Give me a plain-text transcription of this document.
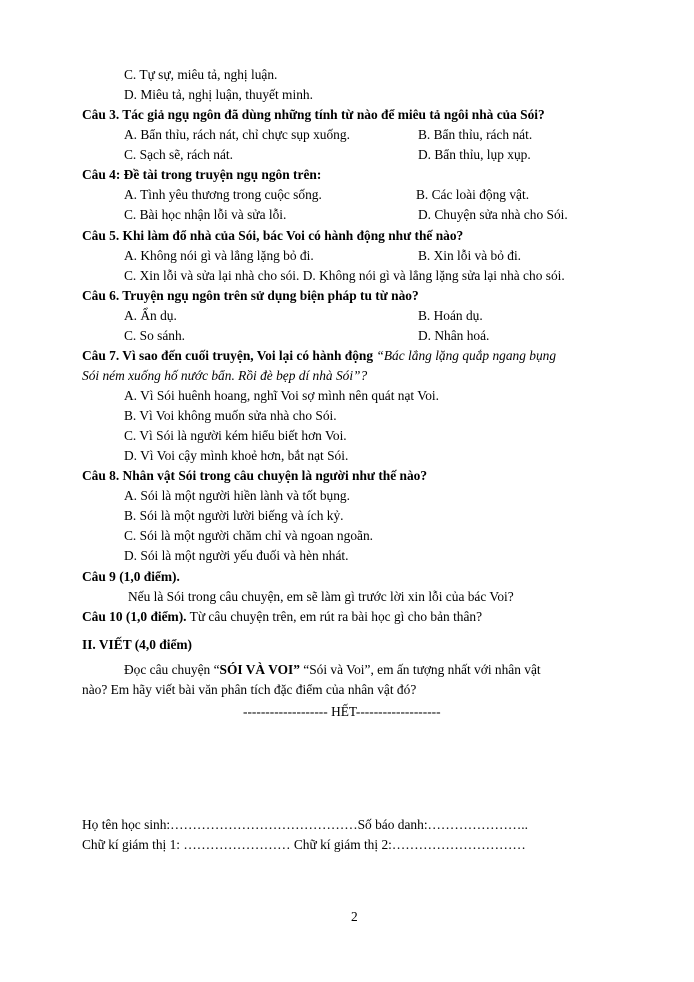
C. Tự sự, miêu tả, nghị luận.
D. Miêu tả, nghị luận, thuyết minh.
Câu 3. Tác giả ngụ ngôn đã dùng những tính từ nào để miêu tả ngôi nhà của Sói?
A. Bẩn thỉu, rách nát, chỉ chực sụp xuống.	B. Bẩn thỉu, rách nát.
C. Sạch sẽ, rách nát.	D. Bẩn thỉu, lụp xụp.
Câu 4: Đề tài trong truyện ngụ ngôn trên:
A. Tình yêu thương trong cuộc sống.	B. Các loài động vật.
C. Bài học nhận lỗi và sửa lỗi.	D. Chuyện sửa nhà cho Sói.
Câu 5. Khi làm đổ nhà của Sói, bác Voi có hành động như thế nào?
A. Không nói gì và lẳng lặng bỏ đi.	B. Xin lỗi và bỏ đi.
C. Xin lỗi và sửa lại nhà cho sói. D. Không nói gì và lẳng lặng sửa lại nhà cho sói.
Câu 6. Truyện ngụ ngôn trên sử dụng biện pháp tu từ nào?
A. Ẩn dụ.	B. Hoán dụ.
C. So sánh.	D. Nhân hoá.
Câu 7. Vì sao đến cuối truyện, Voi lại có hành động “Bác lẳng lặng quắp ngang bụng
Sói ném xuống hố nước bẩn. Rồi đè bẹp dí nhà Sói”?
A. Vì Sói huênh hoang, nghĩ Voi sợ mình nên quát nạt Voi.
B. Vì Voi không muốn sửa nhà cho Sói.
C. Vì Sói là người kém hiểu biết hơn Voi.
D. Vì Voi cậy mình khoẻ hơn, bắt nạt Sói.
Câu 8. Nhân vật Sói trong câu chuyện là người như thế nào?
A. Sói là một người hiền lành và tốt bụng.
B. Sói là một người lười biếng và ích kỷ.
C. Sói là một người chăm chỉ và ngoan ngoãn.
D. Sói là một người yếu đuối và hèn nhát.
Câu 9 (1,0 điểm).
Nếu là Sói trong câu chuyện, em sẽ làm gì trước lời xin lỗi của bác Voi?
Câu 10 (1,0 điểm). Từ câu chuyện trên, em rút ra bài học gì cho bản thân?
II. VIẾT (4,0 điểm)
Đọc câu chuyện “SÓI VÀ VOI” “Sói và Voi”, em ấn tượng nhất với nhân vật
nào? Em hãy viết bài văn phân tích đặc điểm của nhân vật đó?
------------------- HẾT-------------------
Họ tên học sinh:……………………………………Số báo danh:…………………..
Chữ kí giám thị 1: …………………… Chữ kí giám thị 2:…………………………
2
